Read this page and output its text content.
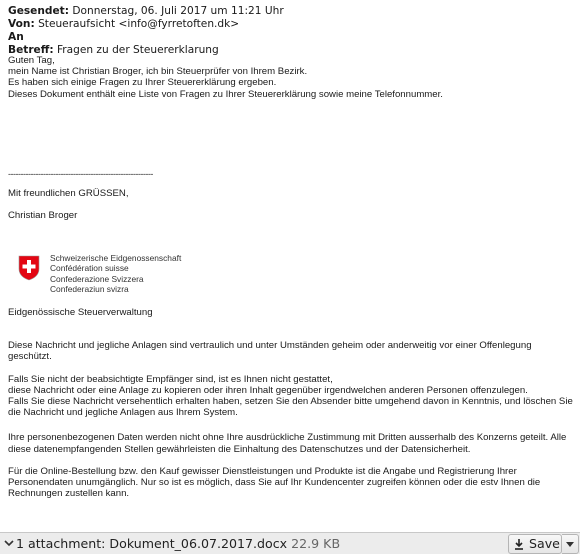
Gesendet: Donnerstag, 06. Juli 2017 um 11:21 Uhr
Von: Steueraufsicht <info@fyrretoften.dk>
An
Betreff: Fragen zu der Steuererklarung

Guten Tag,

mein Name ist Christian Broger, ich bin Steuerprüfer von Ihrem Bezirk.

Es haben sich einige Fragen zu Ihrer Steuererklärung ergeben.

Dieses Dokument enthält eine Liste von Fragen zu Ihrer Steuererklärung sowie meine Telefonnummer.

----------------------------------------------------------
Mit freundlichen GRÜSSEN,
Christian Broger
Schweizerische Eidgenossenschaft
Confédération suisse
Confederazione Svizzera
Confederaziun svizra
Eidgenössische Steuerverwaltung

Diese Nachricht und jegliche Anlagen sind vertraulich und unter Umständen geheim oder anderweitig vor einer Offenlegung geschützt.

Falls Sie nicht der beabsichtigte Empfänger sind, ist es Ihnen nicht gestattet,
diese Nachricht oder eine Anlage zu kopieren oder ihren Inhalt gegenüber irgendwelchen anderen Personen offenzulegen.
Falls Sie diese Nachricht versehentlich erhalten haben, setzen Sie den Absender bitte umgehend davon in Kenntnis, und löschen Sie die Nachricht und jegliche Anlagen aus Ihrem System.

Ihre personenbezogenen Daten werden nicht ohne Ihre ausdrückliche Zustimmung mit Dritten ausserhalb des Konzerns geteilt. Alle diese datenempfangenden Stellen gewährleisten die Einhaltung des Datenschutzes und der Datensicherheit.

Für die Online-Bestellung bzw. den Kauf gewisser Dienstleistungen und Produkte ist die Angabe und Registrierung Ihrer Personendaten unumgänglich. Nur so ist es möglich, dass Sie auf Ihr Kundencenter zugreifen können oder die estv Ihnen die Rechnungen zustellen kann.

1 attachment: Dokument_06.07.2017.docx 22.9 KB	Save
